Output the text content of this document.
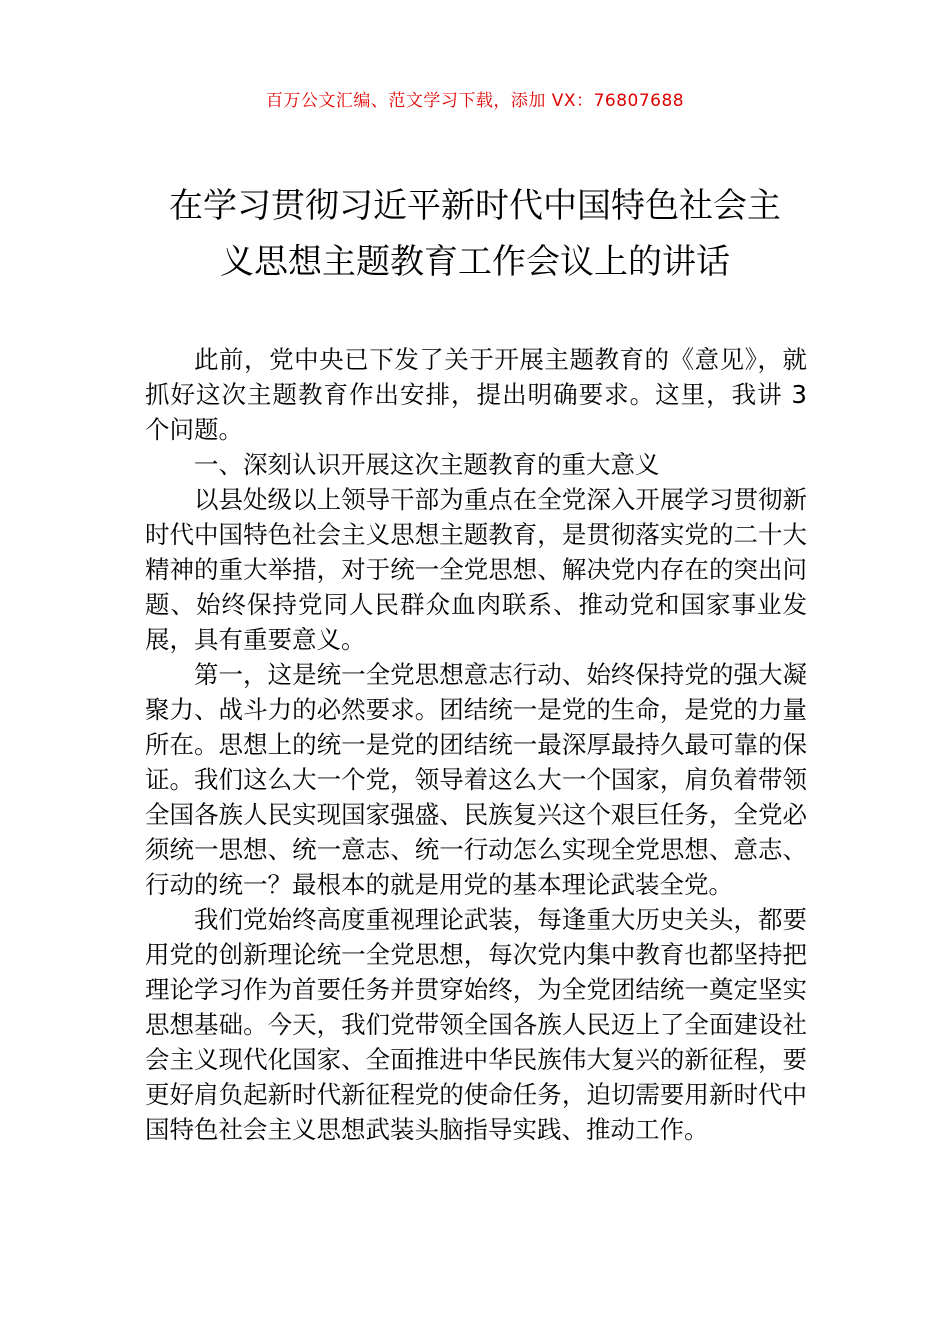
百万公文汇编、范文学习下载，添加 VX：76807688
在学习贯彻习近平新时代中国特色社会主
义思想主题教育工作会议上的讲话

此前，党中央已下发了关于开展主题教育的《意见》，就抓好这次主题教育作出安排，提出明确要求。这里，我讲 3 个问题。

一、深刻认识开展这次主题教育的重大意义

以县处级以上领导干部为重点在全党深入开展学习贯彻新时代中国特色社会主义思想主题教育，是贯彻落实党的二十大精神的重大举措，对于统一全党思想、解决党内存在的突出问题、始终保持党同人民群众血肉联系、推动党和国家事业发展，具有重要意义。

第一，这是统一全党思想意志行动、始终保持党的强大凝聚力、战斗力的必然要求。团结统一是党的生命，是党的力量所在。思想上的统一是党的团结统一最深厚最持久最可靠的保证。我们这么大一个党，领导着这么大一个国家，肩负着带领全国各族人民实现国家强盛、民族复兴这个艰巨任务，全党必须统一思想、统一意志、统一行动怎么实现全党思想、意志、行动的统一？最根本的就是用党的基本理论武装全党。

我们党始终高度重视理论武装，每逢重大历史关头，都要用党的创新理论统一全党思想，每次党内集中教育也都坚持把理论学习作为首要任务并贯穿始终，为全党团结统一奠定坚实思想基础。今天，我们党带领全国各族人民迈上了全面建设社会主义现代化国家、全面推进中华民族伟大复兴的新征程，要更好肩负起新时代新征程党的使命任务，迫切需要用新时代中国特色社会主义思想武装头脑指导实践、推动工作。
